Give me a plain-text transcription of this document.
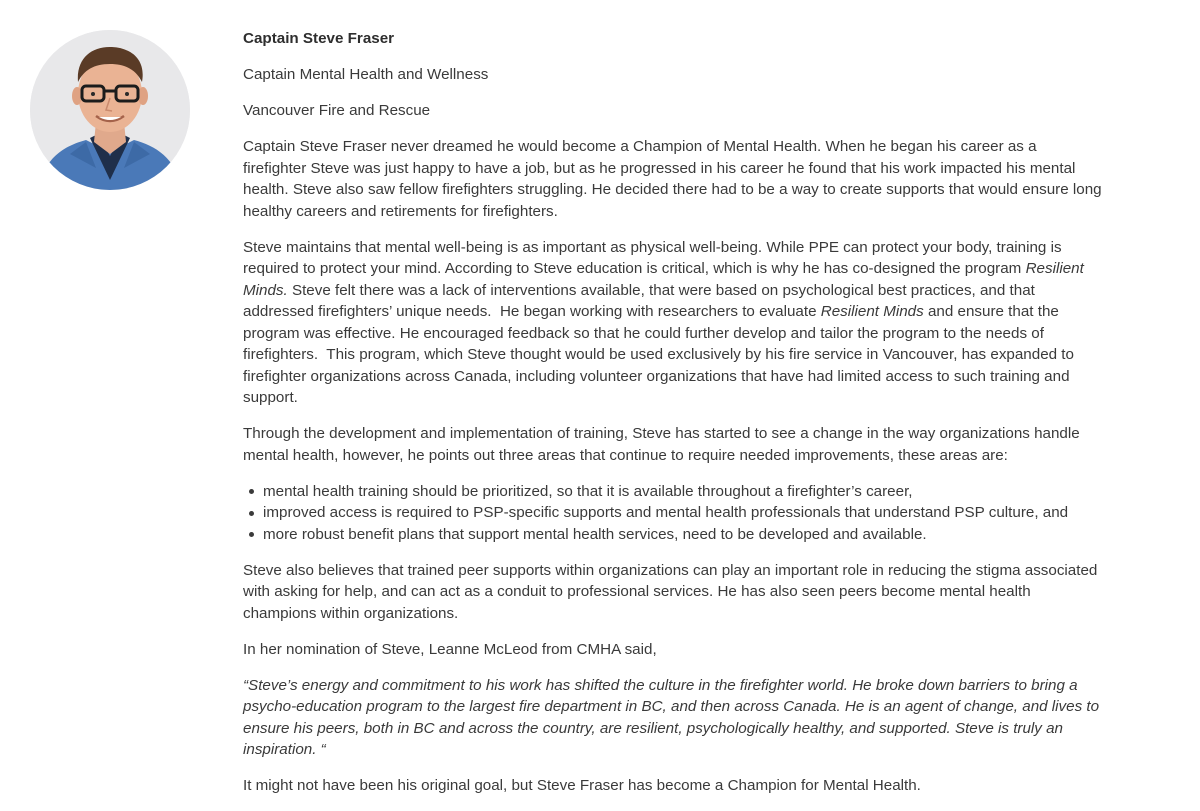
Captain Steve Fraser

Captain Mental Health and Wellness

Vancouver Fire and Rescue

Captain Steve Fraser never dreamed he would become a Champion of Mental Health. When he began his career as a firefighter Steve was just happy to have a job, but as he progressed in his career he found that his work impacted his mental health. Steve also saw fellow firefighters struggling. He decided there had to be a way to create supports that would ensure long healthy careers and retirements for firefighters.

Steve maintains that mental well-being is as important as physical well-being. While PPE can protect your body, training is required to protect your mind. According to Steve education is critical, which is why he has co-designed the program Resilient Minds. Steve felt there was a lack of interventions available, that were based on psychological best practices, and that addressed firefighters’ unique needs.  He began working with researchers to evaluate Resilient Minds and ensure that the program was effective. He encouraged feedback so that he could further develop and tailor the program to the needs of firefighters.  This program, which Steve thought would be used exclusively by his fire service in Vancouver, has expanded to firefighter organizations across Canada, including volunteer organizations that have had limited access to such training and support.

Through the development and implementation of training, Steve has started to see a change in the way organizations handle mental health, however, he points out three areas that continue to require needed improvements, these areas are:

mental health training should be prioritized, so that it is available throughout a firefighter’s career,
improved access is required to PSP-specific supports and mental health professionals that understand PSP culture, and
more robust benefit plans that support mental health services, need to be developed and available.

Steve also believes that trained peer supports within organizations can play an important role in reducing the stigma associated with asking for help, and can act as a conduit to professional services. He has also seen peers become mental health champions within organizations.

In her nomination of Steve, Leanne McLeod from CMHA said,

“Steve’s energy and commitment to his work has shifted the culture in the firefighter world. He broke down barriers to bring a psycho-education program to the largest fire department in BC, and then across Canada. He is an agent of change, and lives to ensure his peers, both in BC and across the country, are resilient, psychologically healthy, and supported. Steve is truly an inspiration. “

It might not have been his original goal, but Steve Fraser has become a Champion for Mental Health.
